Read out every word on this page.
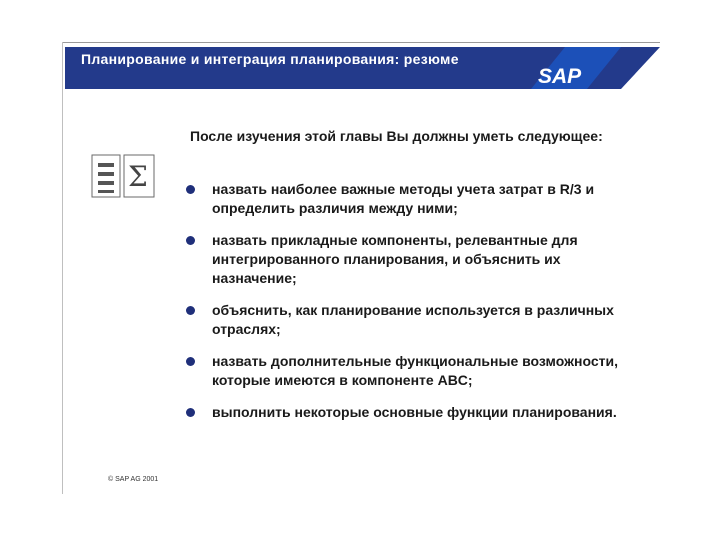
Планирование и интеграция планирования: резюме
SAP
Σ
После изучения этой главы Вы должны уметь следующее:
назвать наиболее важные методы учета затрат в R/3 и определить различия между ними;
назвать прикладные компоненты, релевантные для интегрированного планирования, и объяснить их назначение;
объяснить, как планирование используется в различных отраслях;
назвать дополнительные функциональные возможности, которые имеются в компоненте ABC;
выполнить некоторые основные функции планирования.
© SAP AG 2001
